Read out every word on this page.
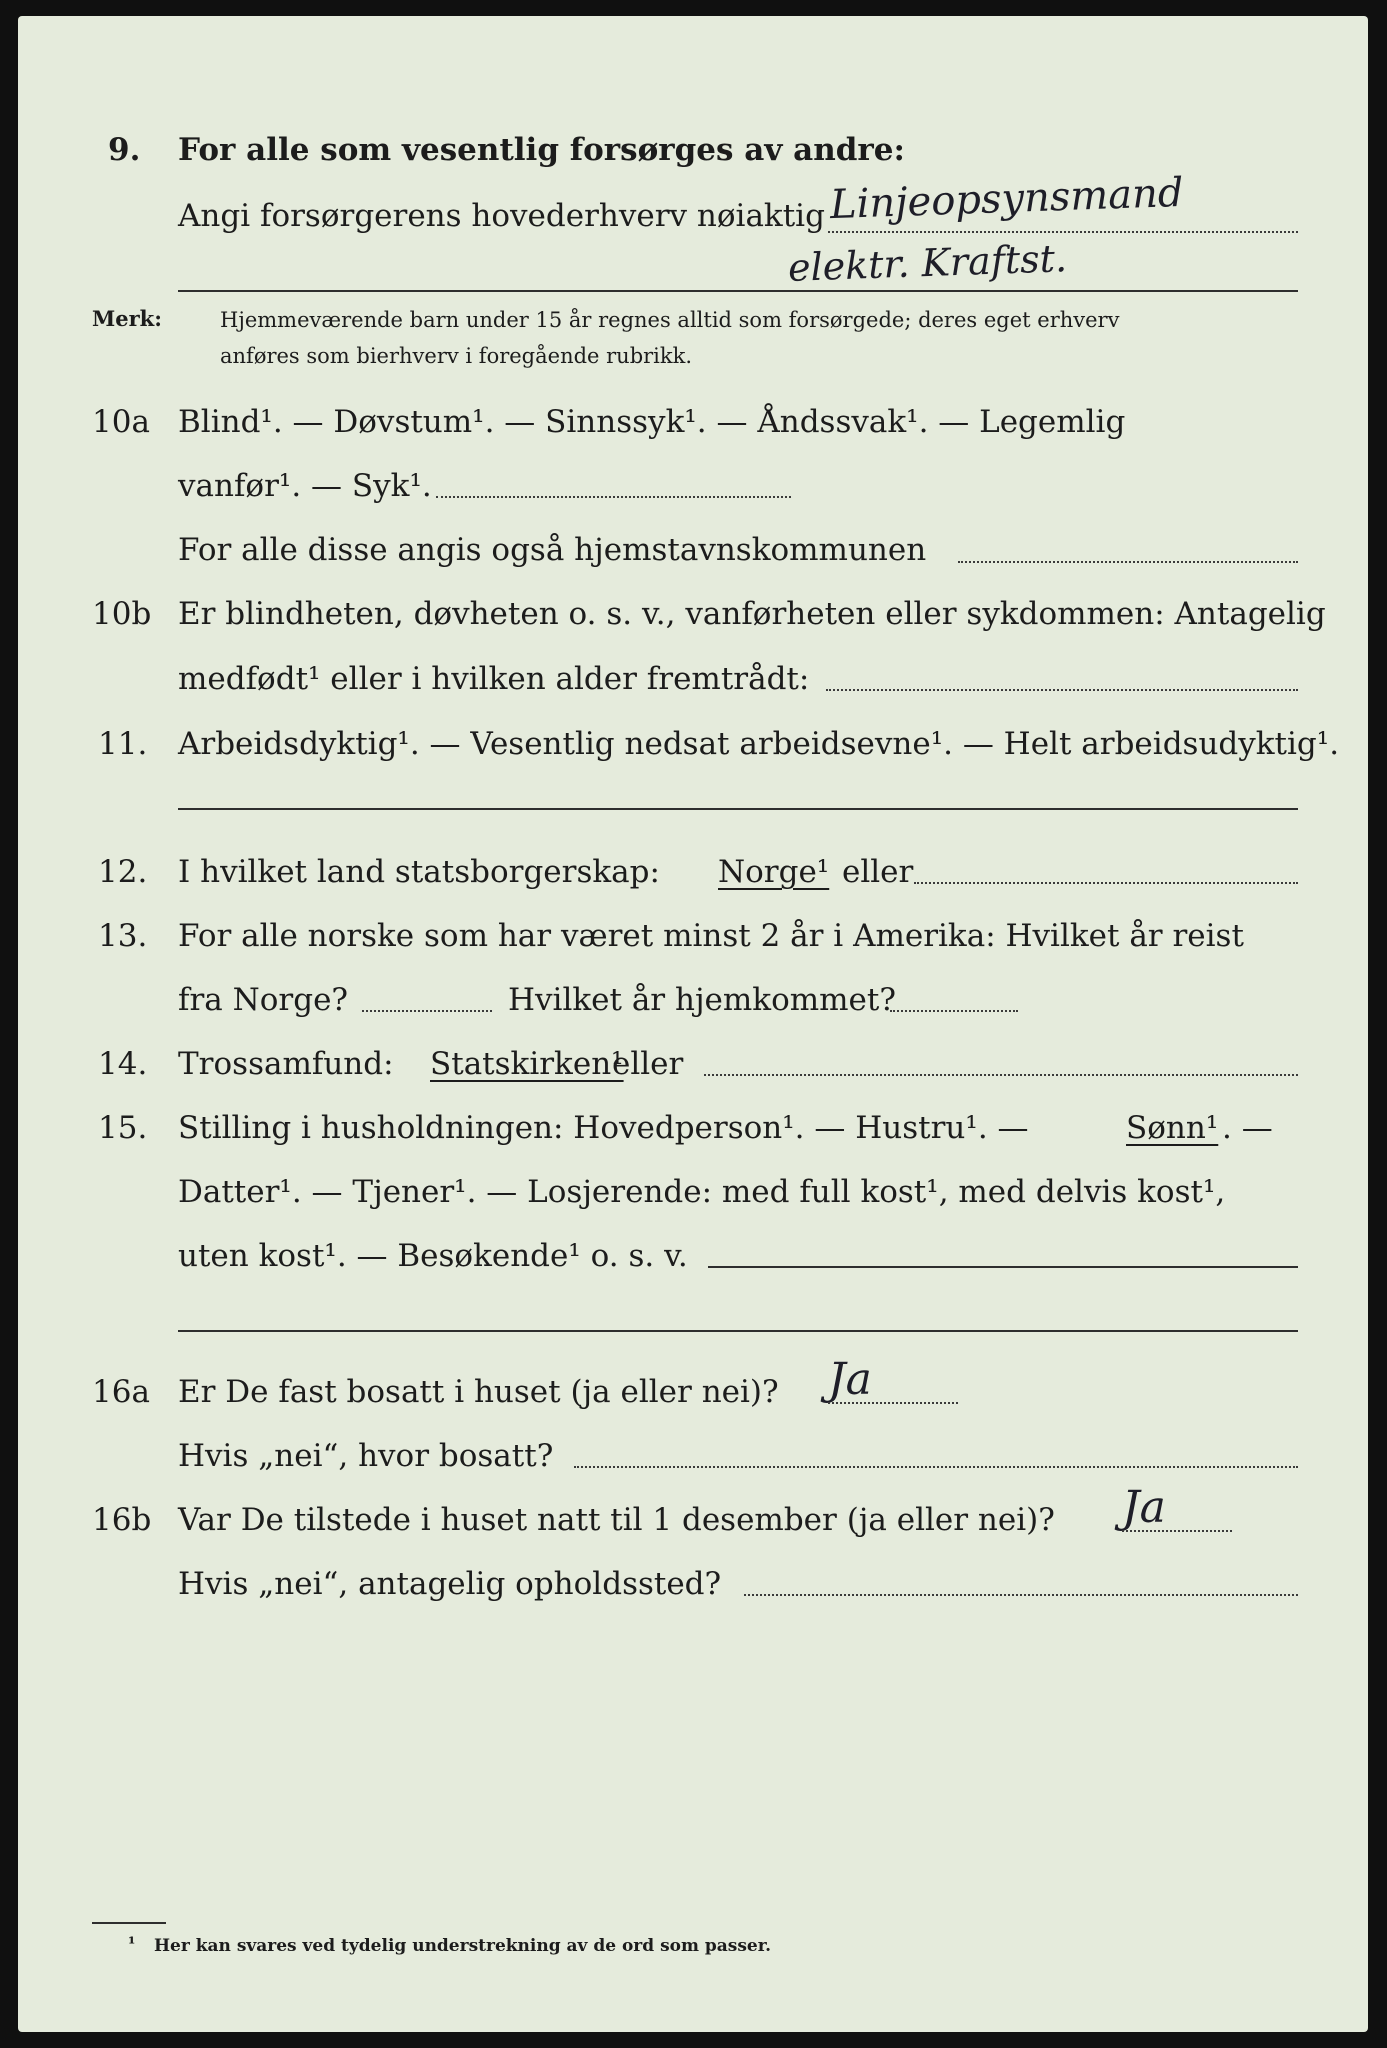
9. For alle som vesentlig forsørges av andre:
Angi forsørgerens hovederhverv nøiaktig Linjeopsynsmand
elektr. Kraftst.
Merk:	Hjemmeværende barn under 15 år regnes alltid som forsørgede; deres eget erhverv
anføres som bierhverv i foregående rubrikk.
10a Blind¹. — Døvstum¹. — Sinnssyk¹. — Åndssvak¹. — Legemlig
vanfør¹. — Syk¹.
For alle disse angis også hjemstavnskommunen
10b Er blindheten, døvheten o. s. v., vanførheten eller sykdommen: Antagelig
medfødt¹ eller i hvilken alder fremtrådt:
11. Arbeidsdyktig¹. — Vesentlig nedsat arbeidsevne¹. — Helt arbeidsudyktig¹.
12. I hvilket land statsborgerskap: Norge¹ eller
13. For alle norske som har været minst 2 år i Amerika: Hvilket år reist
fra Norge?	Hvilket år hjemkommet?
14. Trossamfund: Statskirken¹
eller
15. Stilling i husholdningen: Hovedperson¹. — Hustru¹. —	Sønn¹ . —
Datter¹. — Tjener¹. — Losjerende: med full kost¹, med delvis kost¹,
uten kost¹. — Besøkende¹ o. s. v.
16a Er De fast bosatt i huset (ja eller nei)? Ja
Hvis „nei“, hvor bosatt?
16b Var De tilstede i huset natt til 1 desember (ja eller nei)? Ja
Hvis „nei“, antagelig opholdssted?
¹ Her kan svares ved tydelig understrekning av de ord som passer.
